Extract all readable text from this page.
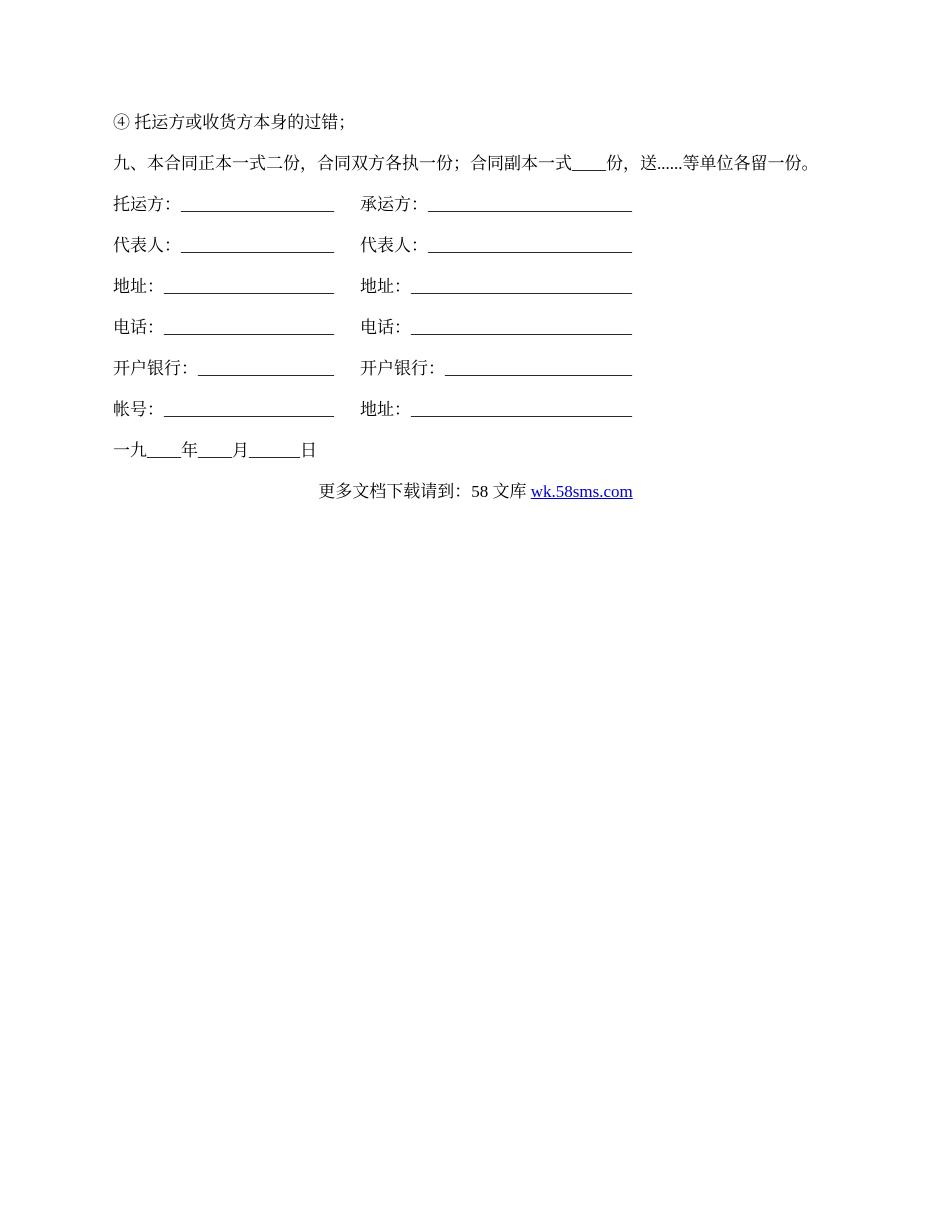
④ 托运方或收货方本身的过错；

九、本合同正本一式二份，合同双方各执一份；合同副本一式____份，送......等单位各留一份。

托运方：__________________	承运方：________________________
代表人：__________________	代表人：________________________
地址：____________________	地址：__________________________
电话：____________________	电话：__________________________
开户银行：________________	开户银行：______________________
帐号：____________________	地址：__________________________
一九____年____月______日
更多文档下载请到：58 文库 wk.58sms.com
